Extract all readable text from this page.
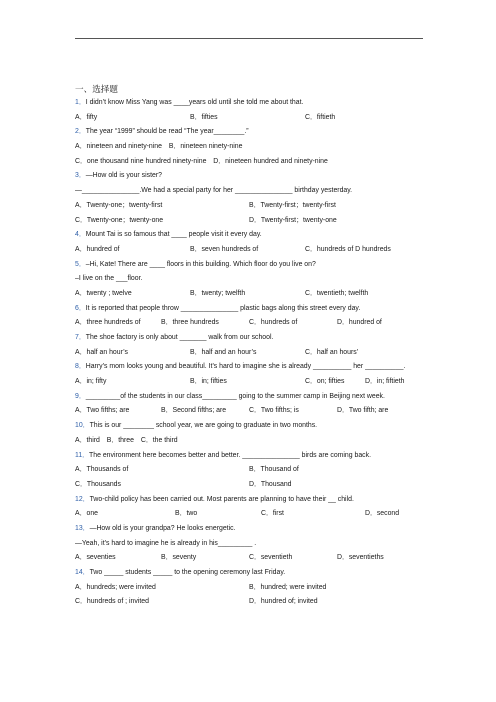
一、选择题
1．I didn’t know Miss Yang was ____years old until she told me about that.
A．fifty	B．fifties	C．fiftieth
2．The year “1999” should be read “The year________.”
A．nineteen and ninety-nine　B．nineteen ninety-nine
C．one thousand nine hundred ninety-nine　D．nineteen hundred and ninety-nine
3．—How old is your sister?
—_______________.We had a special party for her _______________ birthday yesterday.
A．Twenty-one；twenty-first	B．Twenty-first；twenty-first
C．Twenty-one；twenty-one	D．Twenty-first；twenty-one
4．Mount Tai is so famous that ____ people visit it every day.
A．hundred of	B．seven hundreds of	C．hundreds of D hundreds
5．–Hi, Kate! There are ____ floors in this building. Which floor do you live on?
–I live on the ___floor.
A．twenty ; twelve	B．twenty; twelfth	C．twentieth; twelfth
6．It is reported that people throw _______________ plastic bags along this street every day.
A．three hundreds of	B．three hundreds	C．hundreds of	D．hundred of
7．The shoe factory is only about _______ walk from our school.
A．half an hour’s	B．half and an hour’s	C．half an hours’
8．Harry’s mom looks young and beautiful. It’s hard to imagine she is already __________ her __________.
A．in; fifty	B．in; fifties	C．on; fifties	D．in; fiftieth
9．_________of the students in our class_________ going to the summer camp in Beijing next week.
A．Two fifths; are	B．Second fifths; are	C．Two fifths; is	D．Two fifth; are
10．This is our ________ school year, we are going to graduate in two months.
A．third　B．three　C．the third
11．The environment here becomes better and better. _______________ birds are coming back.
A．Thousands of	B．Thousand of
C．Thousands	D．Thousand
12．Two-child policy has been carried out. Most parents are planning to have their __ child.
A．one	B．two	C．first	D．second
13．—How old is your grandpa? He looks energetic.
—Yeah, it’s hard to imagine he is already in his_________ .
A．seventies	B．seventy	C．seventieth	D．seventieths
14．Two _____ students _____ to the opening ceremony last Friday.
A．hundreds; were invited	B．hundred; were invited
C．hundreds of ; invited	D．hundred of; invited
